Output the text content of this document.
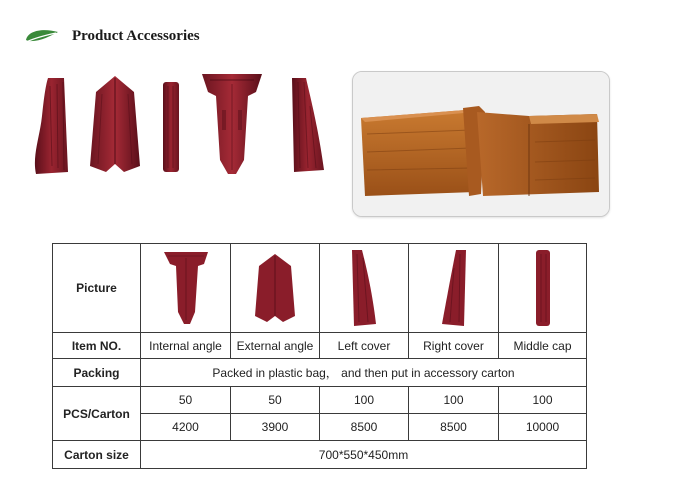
Product Accessories
Picture	

Item NO.	Internal angle	External angle	Left cover	Right cover	Middle cap
Packing	Packed in plastic bag， and then put in accessory carton				
PCS/Carton	50	50	100	100	100
	4200	3900	8500	8500	10000
Carton size	700*550*450mm				
